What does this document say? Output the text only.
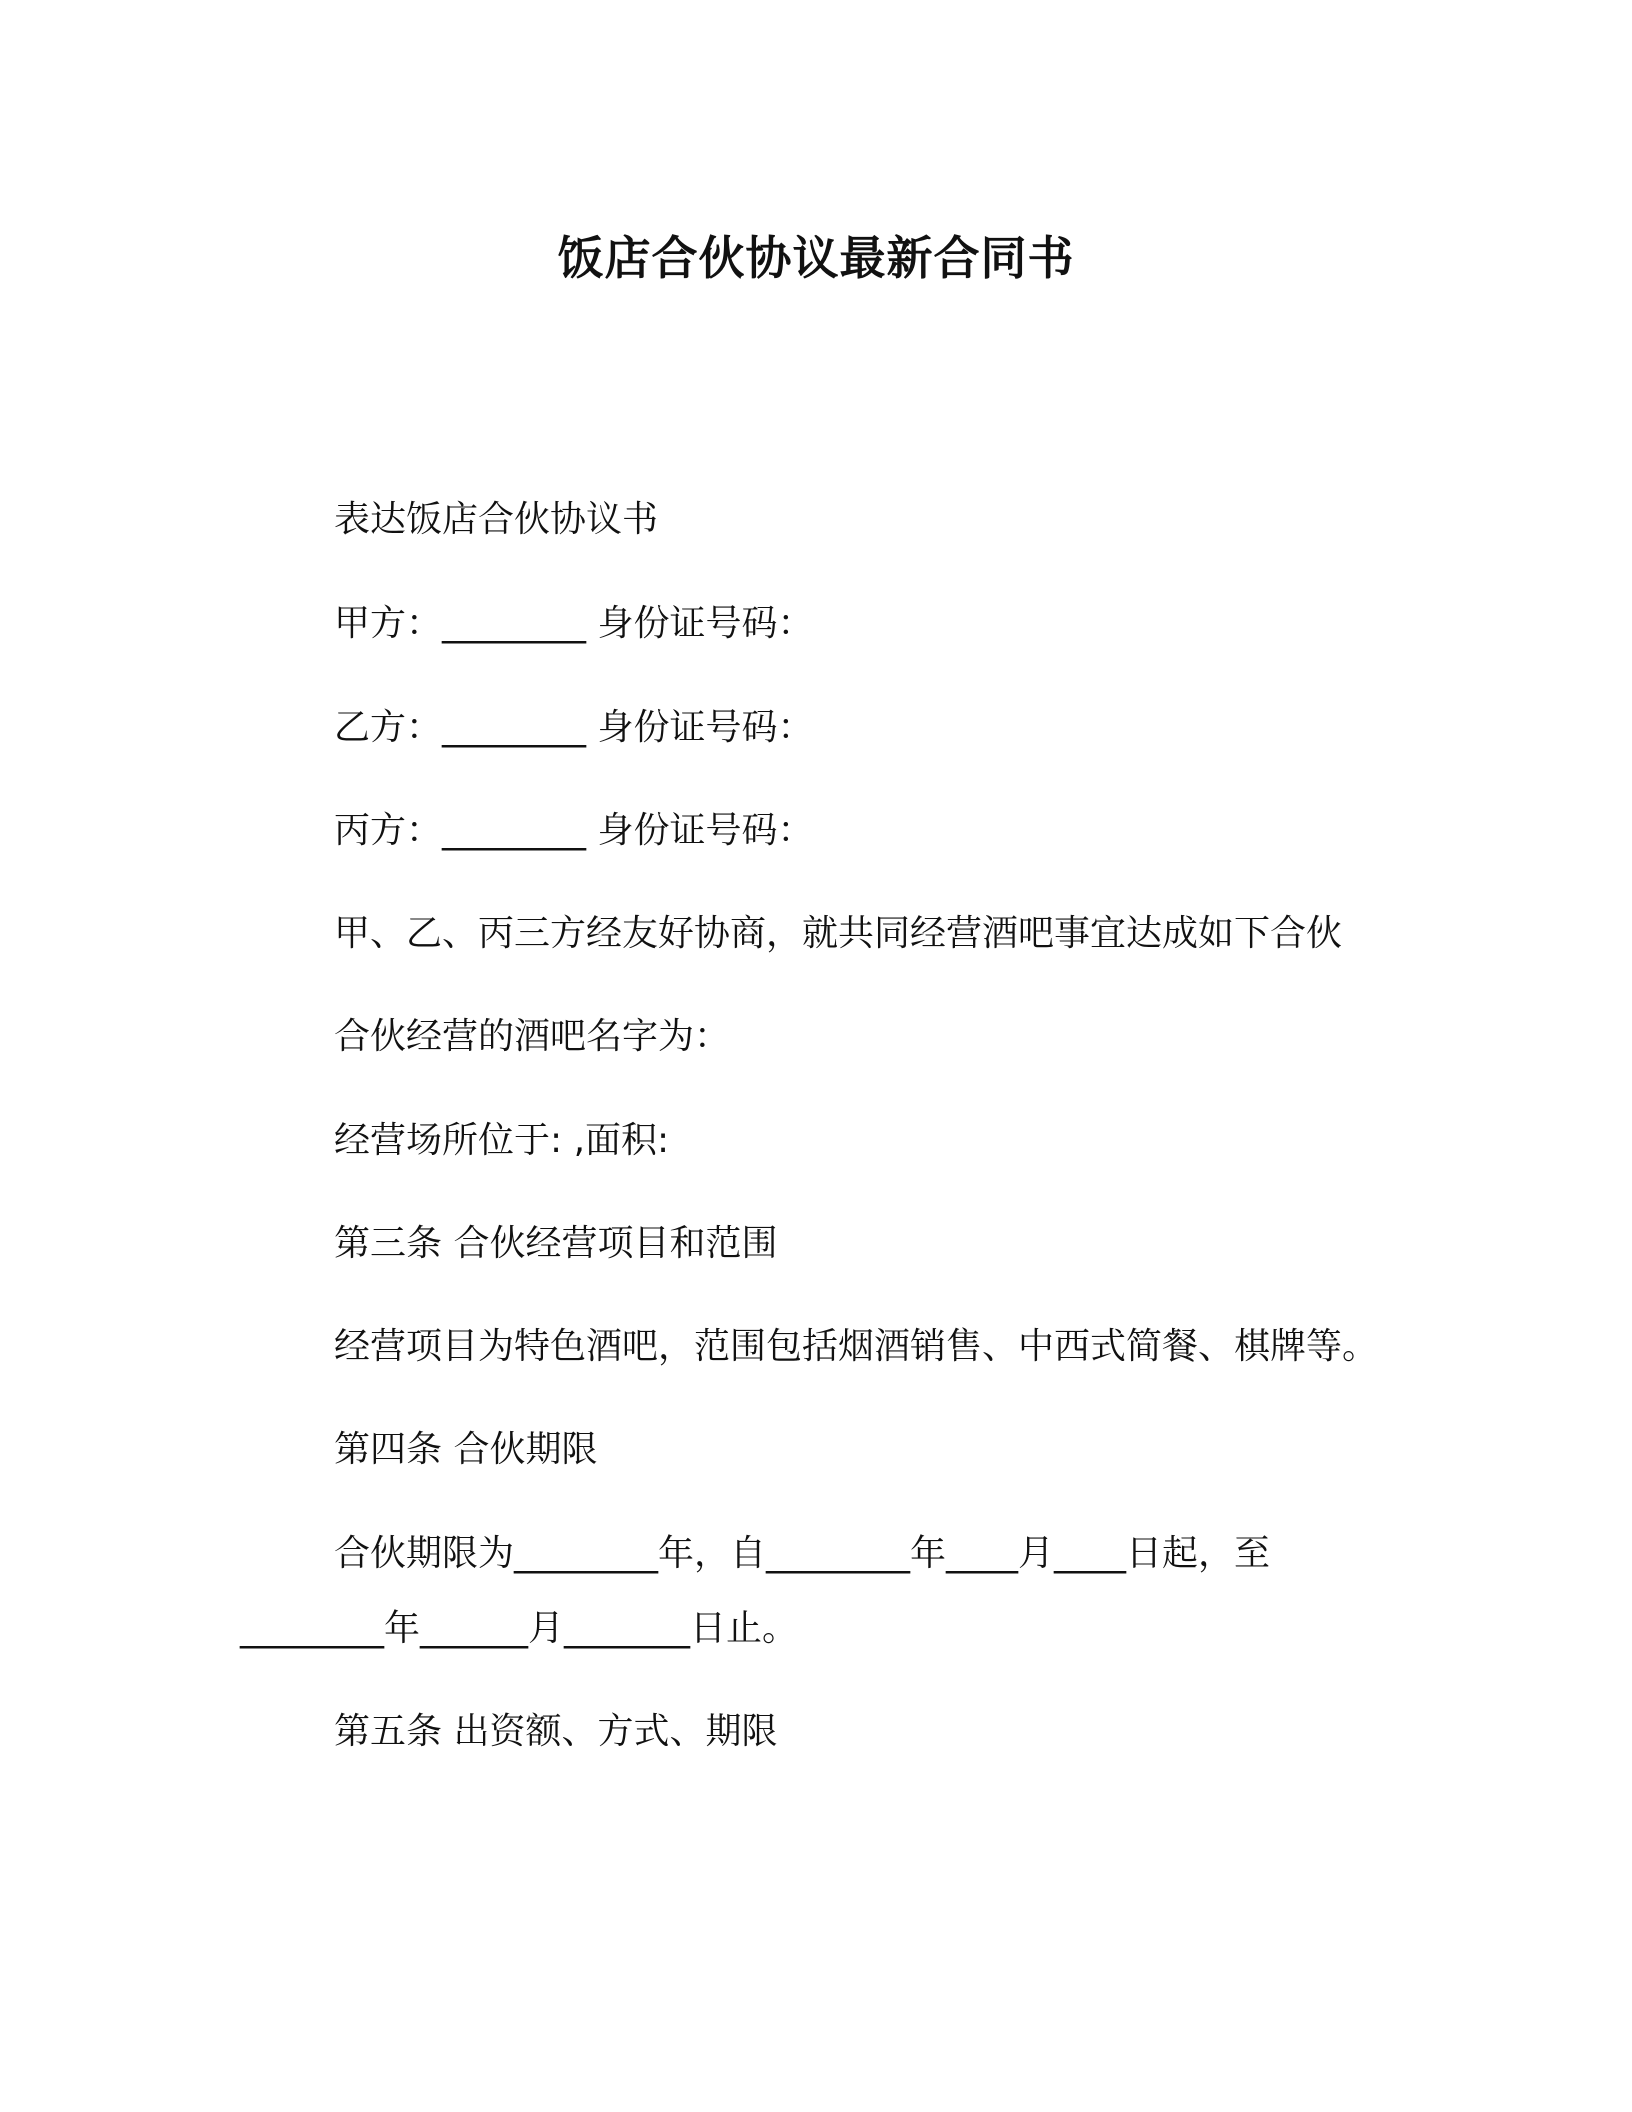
饭店合伙协议最新合同书
表达饭店合伙协议书
甲方：________ 身份证号码：
乙方：________ 身份证号码：
丙方：________ 身份证号码：
甲、乙、丙三方经友好协商，就共同经营酒吧事宜达成如下合伙
合伙经营的酒吧名字为：
经营场所位于: ,面积:
第三条 合伙经营项目和范围
经营项目为特色酒吧，范围包括烟酒销售、中西式简餐、棋牌等。
第四条 合伙期限
合伙期限为________年，自________年____月____日起，至
________年______月_______日止。
第五条 出资额、方式、期限
